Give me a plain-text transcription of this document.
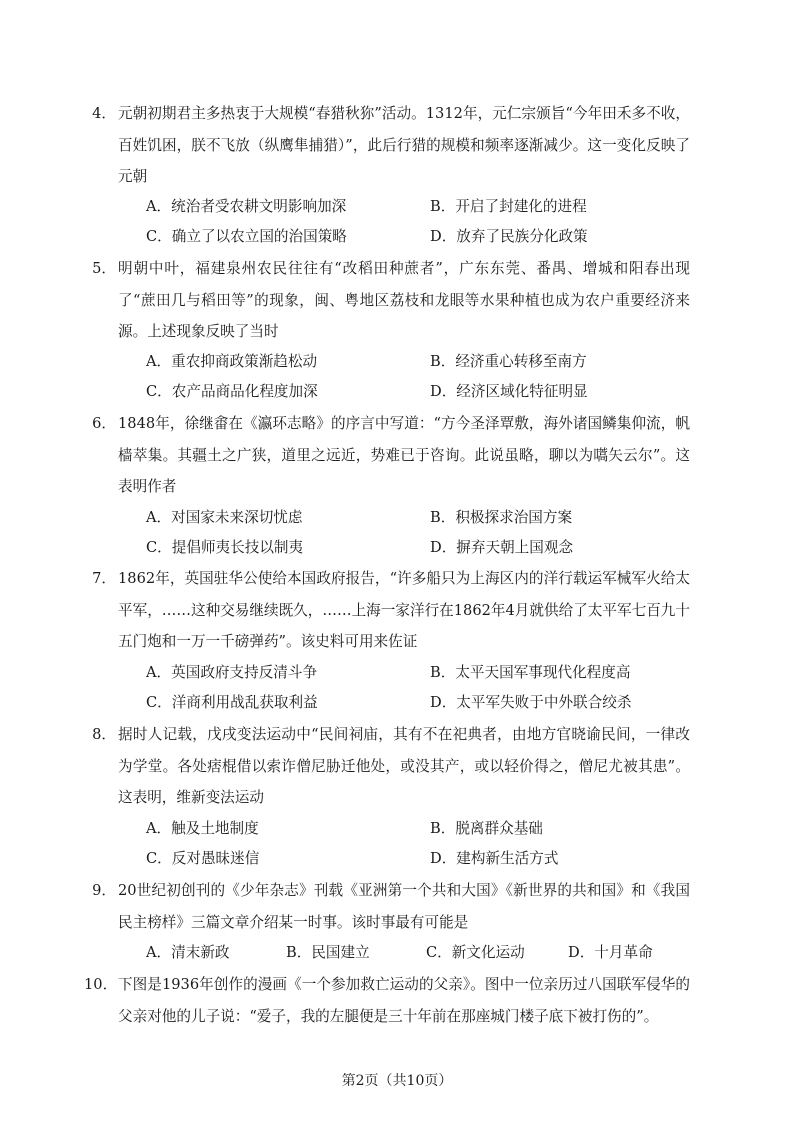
4． 元朝初期君主多热衷于大规模“春猎秋狝”活动。1312年，元仁宗颁旨“今年田禾多不收，百姓饥困，朕不飞放（纵鹰隼捕猎）”，此后行猎的规模和频率逐渐减少。这一变化反映了元朝
A．统治者受农耕文明影响加深	B．开启了封建化的进程
C．确立了以农立国的治国策略	D．放弃了民族分化政策
5． 明朝中叶，福建泉州农民往往有“改稻田种蔗者”，广东东莞、番禺、增城和阳春出现了“蔗田几与稻田等”的现象，闽、粤地区荔枝和龙眼等水果种植也成为农户重要经济来源。上述现象反映了当时
A．重农抑商政策渐趋松动	B．经济重心转移至南方
C．农产品商品化程度加深	D．经济区域化特征明显
6． 1848年，徐继畬在《瀛环志略》的序言中写道：“方今圣泽覃敷，海外诸国鳞集仰流，帆樯萃集。其疆土之广狭，道里之远近，势难已于咨询。此说虽略，聊以为嚆矢云尔”。这表明作者
A．对国家未来深切忧虑	B．积极探求治国方案
C．提倡师夷长技以制夷	D．摒弃天朝上国观念
7． 1862年，英国驻华公使给本国政府报告，“许多船只为上海区内的洋行载运军械军火给太平军，……这种交易继续既久，……上海一家洋行在1862年4月就供给了太平军七百九十五门炮和一万一千磅弹药”。该史料可用来佐证
A．英国政府支持反清斗争	B．太平天国军事现代化程度高
C．洋商利用战乱获取利益	D．太平军失败于中外联合绞杀
8． 据时人记载，戊戌变法运动中“民间祠庙，其有不在祀典者，由地方官晓谕民间，一律改为学堂。各处痞棍借以索诈僧尼胁迁他处，或没其产，或以轻价得之，僧尼尤被其患”。这表明，维新变法运动
A．触及土地制度	B．脱离群众基础
C．反对愚昧迷信	D．建构新生活方式
9． 20世纪初创刊的《少年杂志》刊载《亚洲第一个共和大国》《新世界的共和国》和《我国民主榜样》三篇文章介绍某一时事。该时事最有可能是
A．清末新政	B．民国建立	C．新文化运动	D．十月革命
10． 下图是1936年创作的漫画《一个参加救亡运动的父亲》。图中一位亲历过八国联军侵华的父亲对他的儿子说：“爱子，我的左腿便是三十年前在那座城门楼子底下被打伤的”。
第2页（共10页）
